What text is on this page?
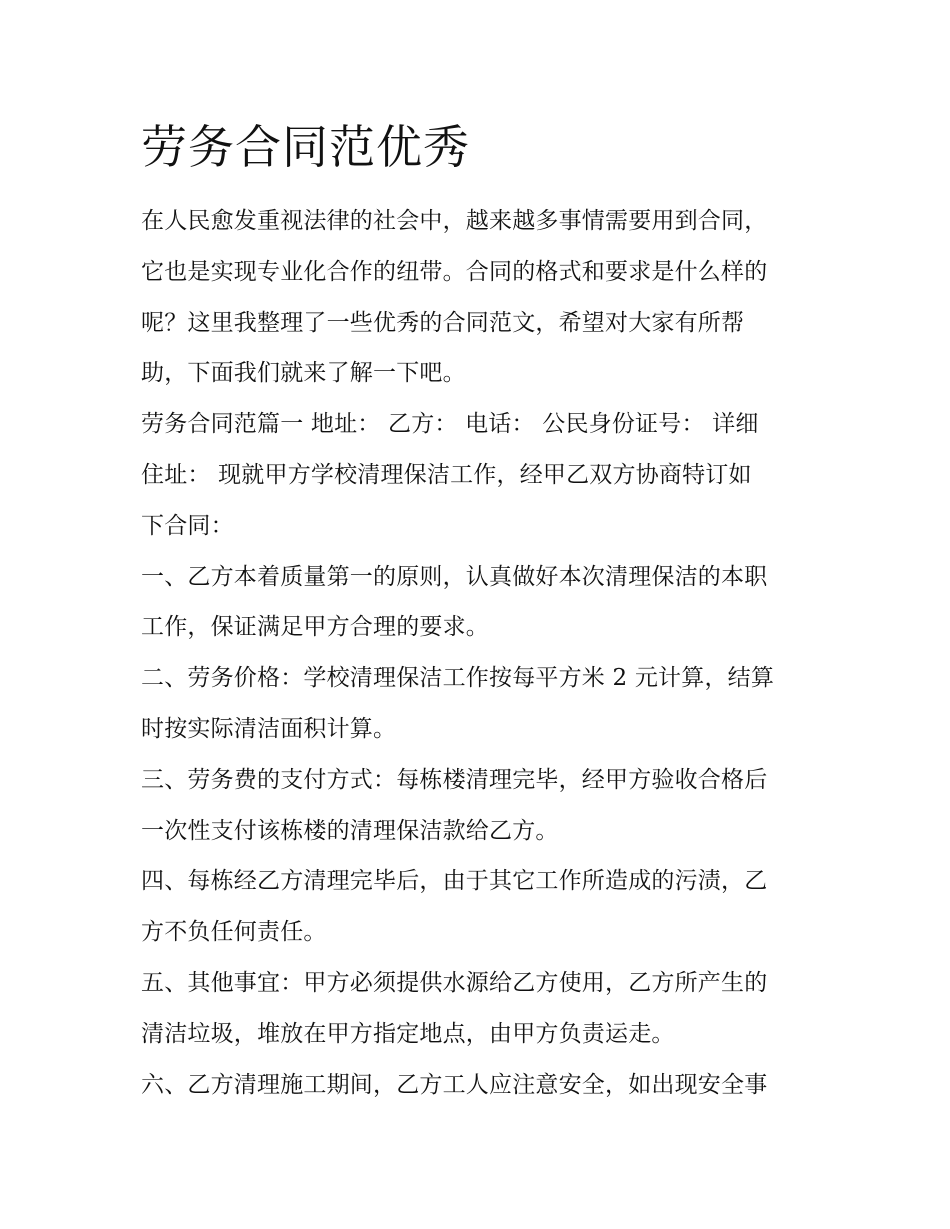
劳务合同范优秀
在人民愈发重视法律的社会中，越来越多事情需要用到合同，
它也是实现专业化合作的纽带。合同的格式和要求是什么样的
呢？这里我整理了一些优秀的合同范文，希望对大家有所帮
助，下面我们就来了解一下吧。
劳务合同范篇一 地址： 乙方： 电话： 公民身份证号： 详细
住址： 现就甲方学校清理保洁工作，经甲乙双方协商特订如
下合同：
一、乙方本着质量第一的原则，认真做好本次清理保洁的本职
工作，保证满足甲方合理的要求。
二、劳务价格：学校清理保洁工作按每平方米 2 元计算，结算
时按实际清洁面积计算。
三、劳务费的支付方式：每栋楼清理完毕，经甲方验收合格后
一次性支付该栋楼的清理保洁款给乙方。
四、每栋经乙方清理完毕后，由于其它工作所造成的污渍，乙
方不负任何责任。
五、其他事宜：甲方必须提供水源给乙方使用，乙方所产生的
清洁垃圾，堆放在甲方指定地点，由甲方负责运走。
六、乙方清理施工期间，乙方工人应注意安全，如出现安全事
